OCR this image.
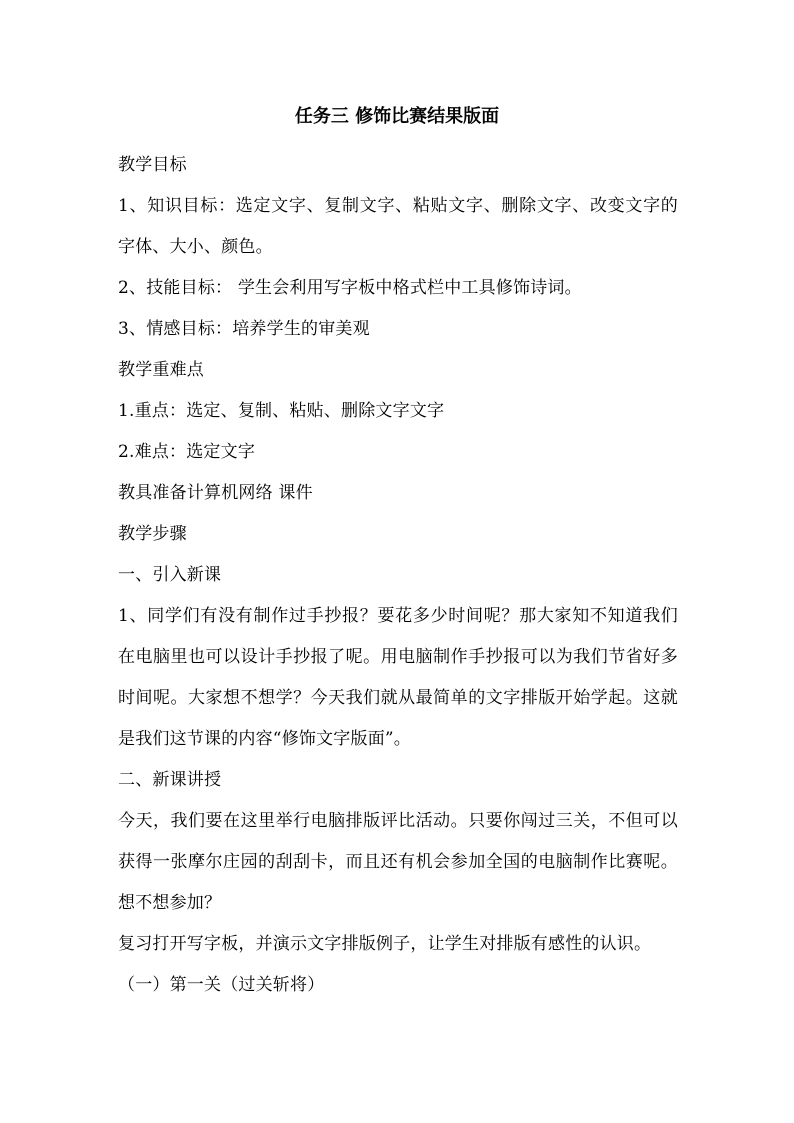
任务三 修饰比赛结果版面

教学目标

1、知识目标：选定文字、复制文字、粘贴文字、删除文字、改变文字的字体、大小、颜色。

2、技能目标： 学生会利用写字板中格式栏中工具修饰诗词。

3、情感目标：培养学生的审美观

教学重难点

1.重点：选定、复制、粘贴、删除文字文字

2.难点：选定文字

教具准备计算机网络 课件

教学步骤

一、引入新课

1、同学们有没有制作过手抄报？要花多少时间呢？那大家知不知道我们在电脑里也可以设计手抄报了呢。用电脑制作手抄报可以为我们节省好多时间呢。大家想不想学？今天我们就从最简单的文字排版开始学起。这就是我们这节课的内容“修饰文字版面”。

二、新课讲授

今天，我们要在这里举行电脑排版评比活动。只要你闯过三关，不但可以获得一张摩尔庄园的刮刮卡，而且还有机会参加全国的电脑制作比赛呢。想不想参加？

复习打开写字板，并演示文字排版例子，让学生对排版有感性的认识。

（一）第一关（过关斩将）
